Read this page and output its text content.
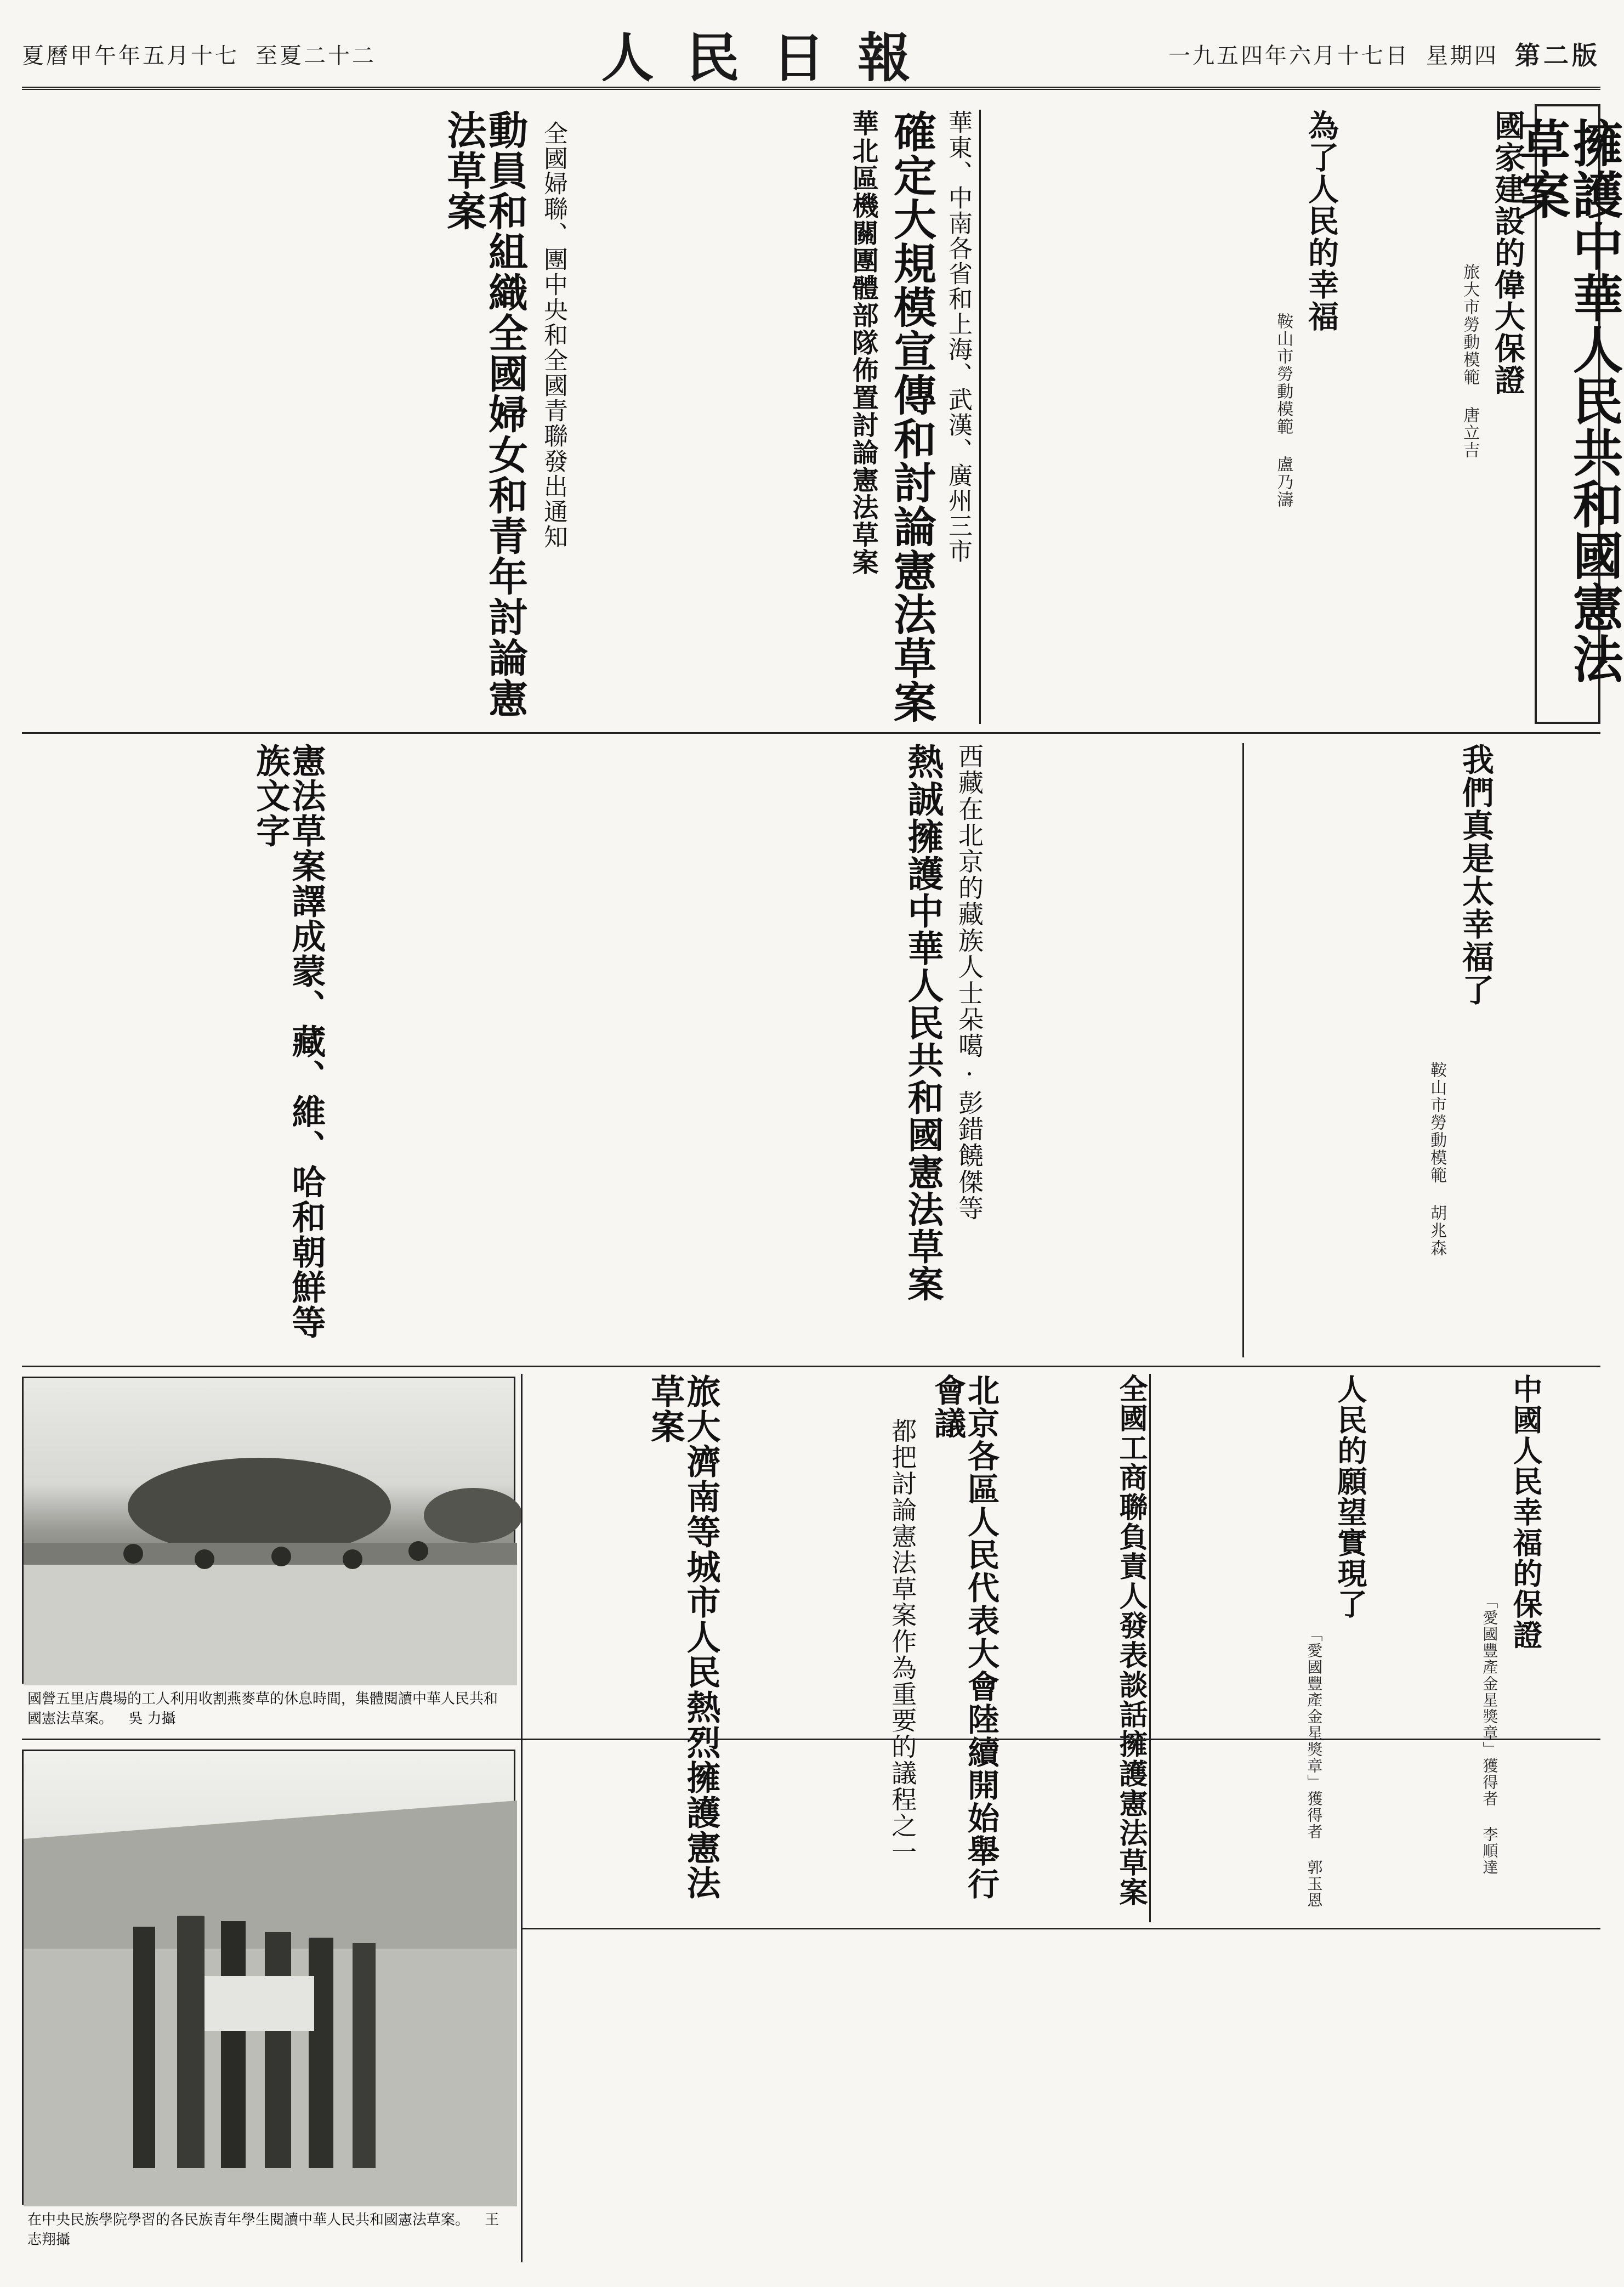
夏曆甲午年五月十七 至夏二十二	人民日報	一九五四年六月十七日 星期四 第二版
擁護中華人民共和國憲法草案
國家建設的偉大保證
旅大市勞動模範 唐立吉
為了人民的幸福
鞍山市勞動模範 盧乃濤
華東、中南各省和上海、武漢、廣州三市
確定大規模宣傳和討論憲法草案
華北區機關團體部隊佈置討論憲法草案
全國婦聯、團中央和全國青聯發出通知
動員和組織全國婦女和青年討論憲法草案
我們真是太幸福了
鞍山市勞動模範 胡兆森
西藏在北京的藏族人士朵噶·彭錯饒傑等
熱誠擁護中華人民共和國憲法草案
憲法草案譯成蒙、藏、維、哈和朝鮮等族文字
中國人民幸福的保證
「愛國豐產金星獎章」獲得者 李順達
人民的願望實現了
「愛國豐產金星獎章」獲得者 郭玉恩
全國工商聯負責人發表談話擁護憲法草案
北京各區人民代表大會陸續開始舉行會議
都把討論憲法草案作為重要的議程之一
旅大濟南等城市人民熱烈擁護憲法草案
國營五里店農場的工人利用收割燕麥草的休息時間，集體閱讀中華人民共和國憲法草案。 吳 力攝
在中央民族學院學習的各民族青年學生閱讀中華人民共和國憲法草案。 王志翔攝
